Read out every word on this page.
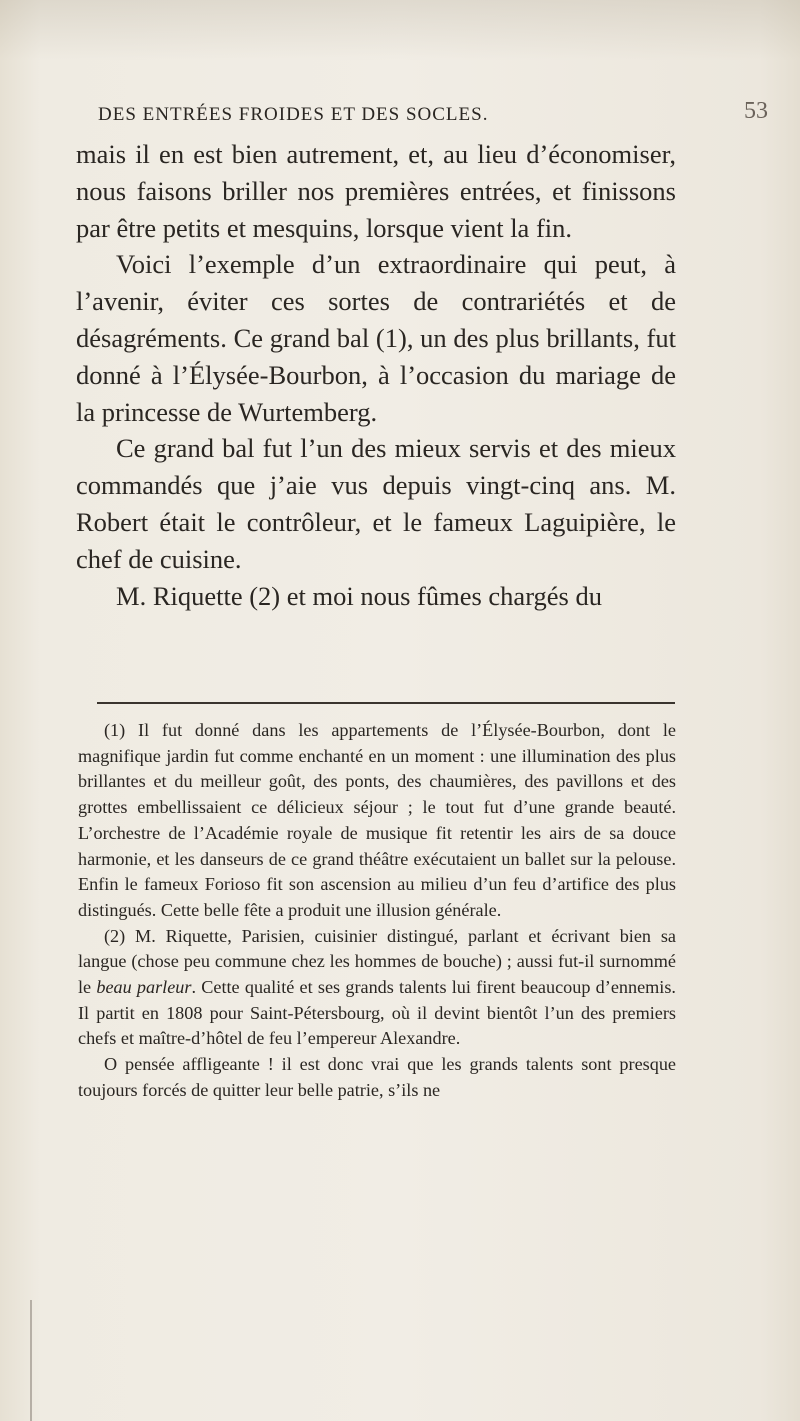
DES ENTRÉES FROIDES ET DES SOCLES.	53

mais il en est bien autrement, et, au lieu d’économiser, nous faisons briller nos premières entrées, et finissons par être petits et mesquins, lorsque vient la fin.

Voici l’exemple d’un extraordinaire qui peut, à l’avenir, éviter ces sortes de contrariétés et de désagréments. Ce grand bal (1), un des plus brillants, fut donné à l’Élysée-Bourbon, à l’occasion du mariage de la princesse de Wurtemberg.

Ce grand bal fut l’un des mieux servis et des mieux commandés que j’aie vus depuis vingt-cinq ans. M. Robert était le contrôleur, et le fameux Laguipière, le chef de cuisine.

M. Riquette (2) et moi nous fûmes chargés du

(1) Il fut donné dans les appartements de l’Élysée-Bourbon, dont le magnifique jardin fut comme enchanté en un moment : une illumination des plus brillantes et du meilleur goût, des ponts, des chaumières, des pavillons et des grottes embellissaient ce délicieux séjour ; le tout fut d’une grande beauté. L’orchestre de l’Académie royale de musique fit retentir les airs de sa douce harmonie, et les danseurs de ce grand théâtre exécutaient un ballet sur la pelouse. Enfin le fameux Forioso fit son ascension au milieu d’un feu d’artifice des plus distingués. Cette belle fête a produit une illusion générale.

(2) M. Riquette, Parisien, cuisinier distingué, parlant et écrivant bien sa langue (chose peu commune chez les hommes de bouche) ; aussi fut-il surnommé le beau parleur. Cette qualité et ses grands talents lui firent beaucoup d’ennemis. Il partit en 1808 pour Saint-Pétersbourg, où il devint bientôt l’un des premiers chefs et maître-d’hôtel de feu l’empereur Alexandre.

O pensée affligeante ! il est donc vrai que les grands talents sont presque toujours forcés de quitter leur belle patrie, s’ils ne
